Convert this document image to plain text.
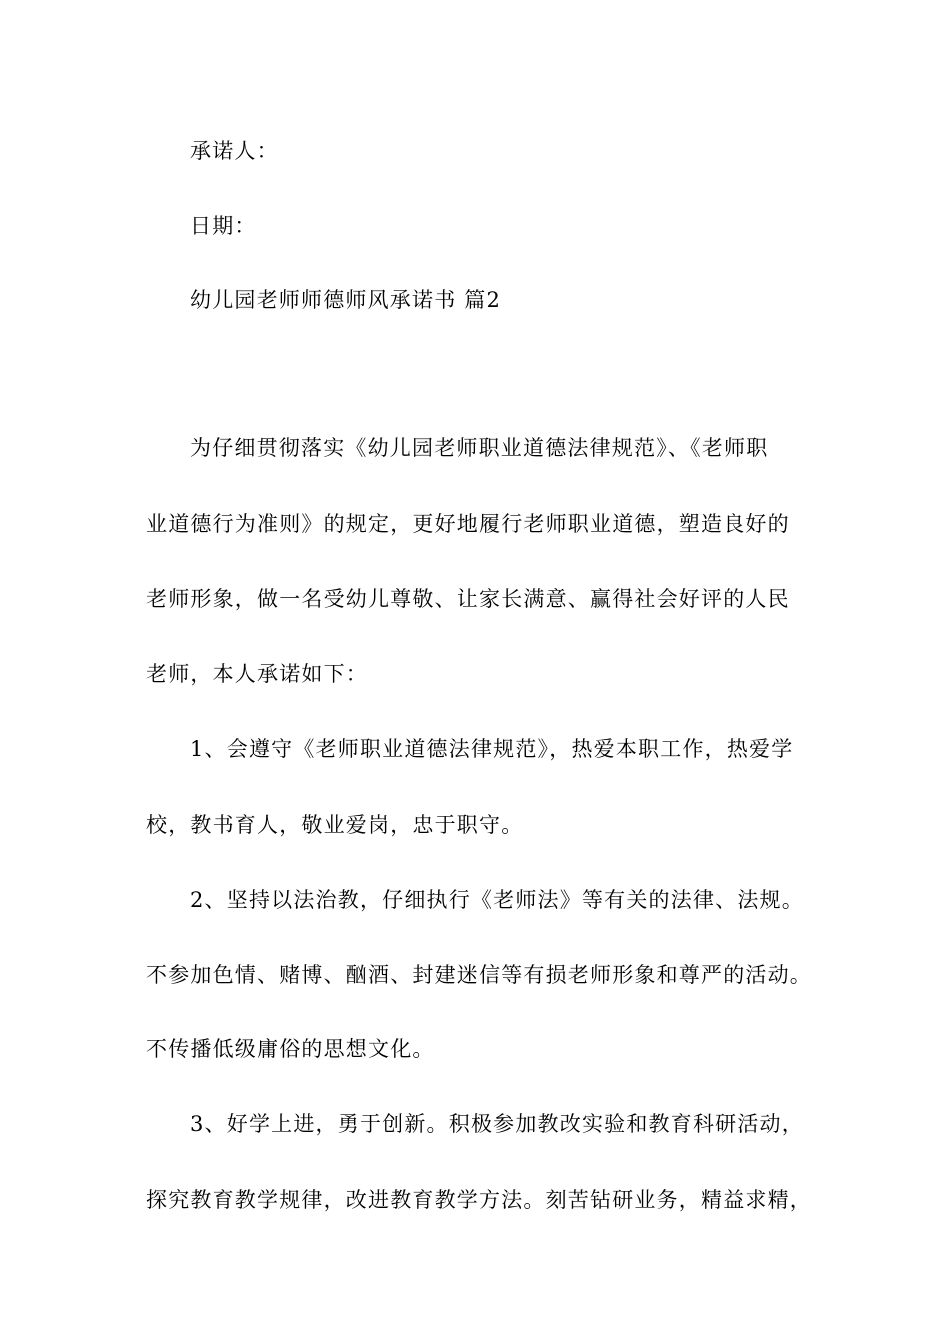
承诺人：
日期：
幼儿园老师师德师风承诺书 篇2
为仔细贯彻落实《幼儿园老师职业道德法律规范》、《老师职
业道德行为准则》的规定，更好地履行老师职业道德，塑造良好的
老师形象，做一名受幼儿尊敬、让家长满意、赢得社会好评的人民
老师，本人承诺如下：
1、会遵守《老师职业道德法律规范》，热爱本职工作，热爱学
校，教书育人，敬业爱岗，忠于职守。
2、坚持以法治教，仔细执行《老师法》等有关的法律、法规。
不参加色情、赌博、酗酒、封建迷信等有损老师形象和尊严的活动。
不传播低级庸俗的思想文化。
3、好学上进，勇于创新。积极参加教改实验和教育科研活动，
探究教育教学规律，改进教育教学方法。刻苦钻研业务，精益求精，
